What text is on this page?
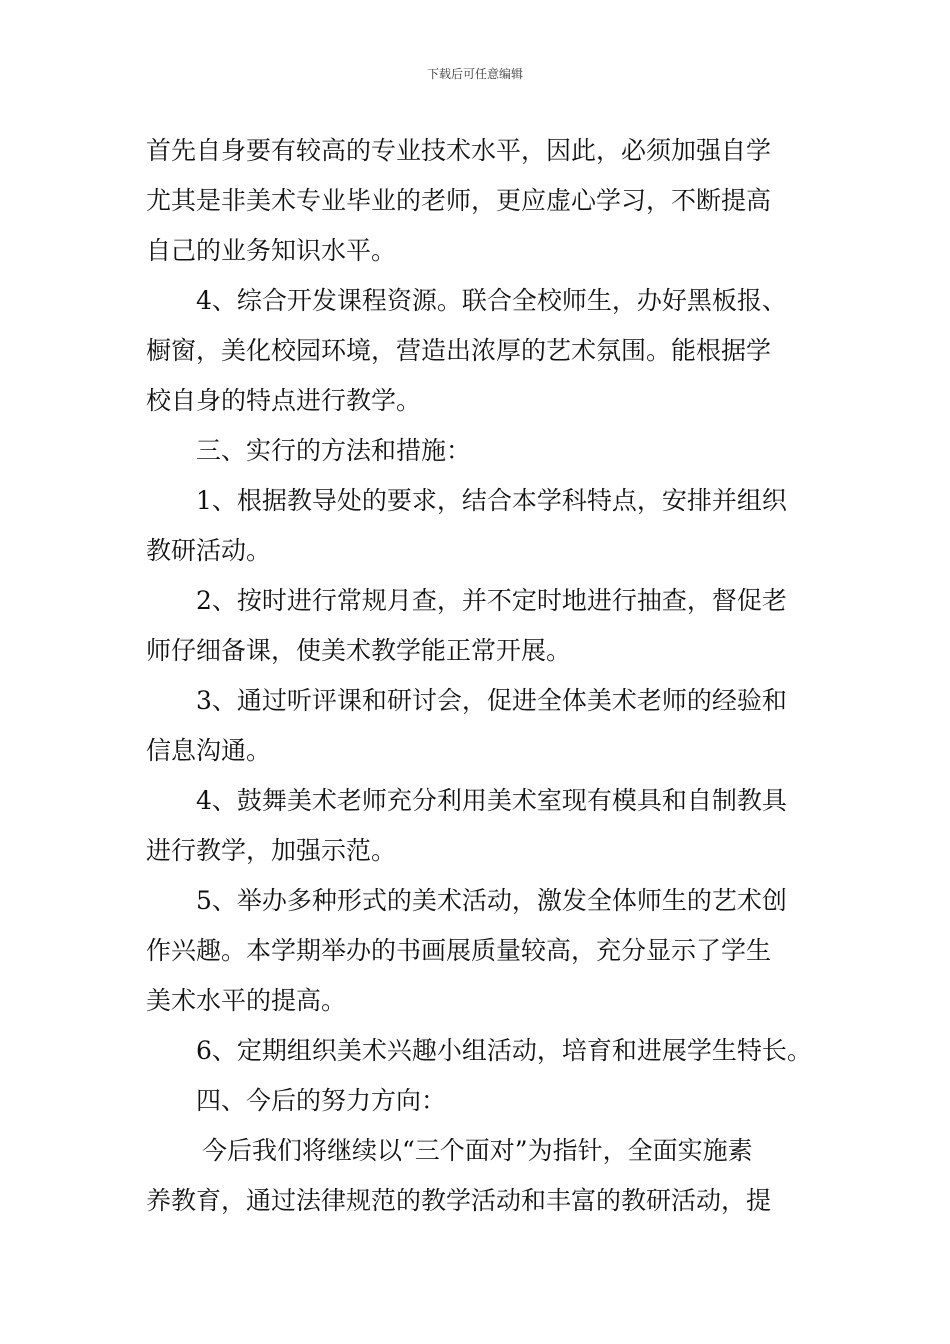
下载后可任意编辑
首先自身要有较高的专业技术水平，因此，必须加强自学
尤其是非美术专业毕业的老师，更应虚心学习，不断提高
自己的业务知识水平。
4、综合开发课程资源。联合全校师生，办好黑板报、
橱窗，美化校园环境，营造出浓厚的艺术氛围。能根据学
校自身的特点进行教学。
三、实行的方法和措施：
1、根据教导处的要求，结合本学科特点，安排并组织
教研活动。
2、按时进行常规月查，并不定时地进行抽查，督促老
师仔细备课，使美术教学能正常开展。
3、通过听评课和研讨会，促进全体美术老师的经验和
信息沟通。
4、鼓舞美术老师充分利用美术室现有模具和自制教具
进行教学，加强示范。
5、举办多种形式的美术活动，激发全体师生的艺术创
作兴趣。本学期举办的书画展质量较高，充分显示了学生
美术水平的提高。
6、定期组织美术兴趣小组活动，培育和进展学生特长。
四、今后的努力方向：
今后我们将继续以“三个面对”为指针，全面实施素
养教育，通过法律规范的教学活动和丰富的教研活动，提
